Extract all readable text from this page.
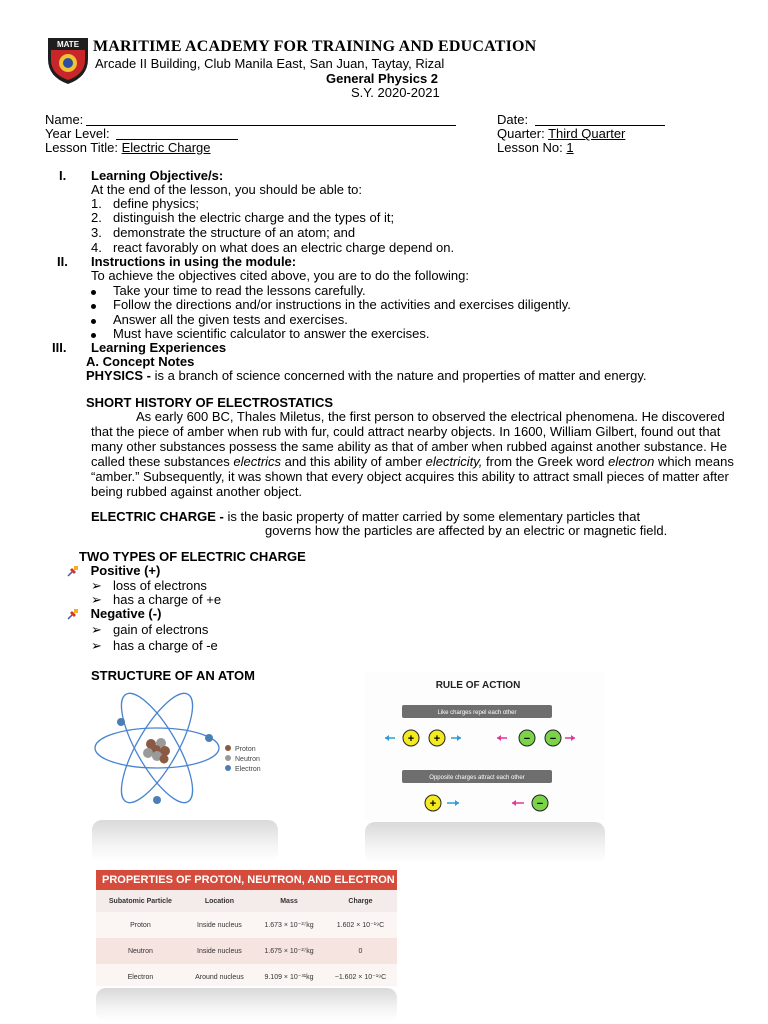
MATE MARITIME ACADEMY FOR TRAINING AND EDUCATION
Arcade II Building, Club Manila East, San Juan, Taytay, Rizal
General Physics 2
S.Y. 2020-2021
Name:	Date:
Year Level:	Quarter: Third Quarter
Lesson Title: Electric Charge	Lesson No: 1
I. Learning Objective/s:
At the end of the lesson, you should be able to:
1. define physics;
2. distinguish the electric charge and the types of it;
3. demonstrate the structure of an atom; and
4. react favorably on what does an electric charge depend on.
II. Instructions in using the module:
To achieve the objectives cited above, you are to do the following:
Take your time to read the lessons carefully.
Follow the directions and/or instructions in the activities and exercises diligently.
Answer all the given tests and exercises.
Must have scientific calculator to answer the exercises.
III. Learning Experiences
A. Concept Notes
PHYSICS - is a branch of science concerned with the nature and properties of matter and energy.
SHORT HISTORY OF ELECTROSTATICS
As early 600 BC, Thales Miletus, the first person to observed the electrical phenomena. He discovered that the piece of amber when rub with fur, could attract nearby objects. In 1600, William Gilbert, found out that many other substances possess the same ability as that of amber when rubbed against another substance. He called these substances electrics and this ability of amber electricity, from the Greek word electron which means “amber.” Subsequently, it was shown that every object acquires this ability to attract small pieces of matter after being rubbed against another object.
ELECTRIC CHARGE - is the basic property of matter carried by some elementary particles that
governs how the particles are affected by an electric or magnetic field.
TWO TYPES OF ELECTRIC CHARGE
Positive (+)
➢ loss of electrons
➢ has a charge of +e
Negative (-)
➢ gain of electrons
➢ has a charge of -e
STRUCTURE OF AN ATOM
Proton
Neutron
Electron
RULE OF ACTION
Like charges repel each other
+ +	− −
Opposite charges attract each other
+	−
PROPERTIES OF PROTON, NEUTRON, AND ELECTRON
Subatomic Particle	Location	Mass	Charge
Proton	Inside nucleus	1.673 × 10⁻²⁷kg	1.602 × 10⁻¹⁹C
Neutron	Inside nucleus	1.675 × 10⁻²⁷kg	0
Electron	Around nucleus	9.109 × 10⁻³¹kg	−1.602 × 10⁻¹⁹C
